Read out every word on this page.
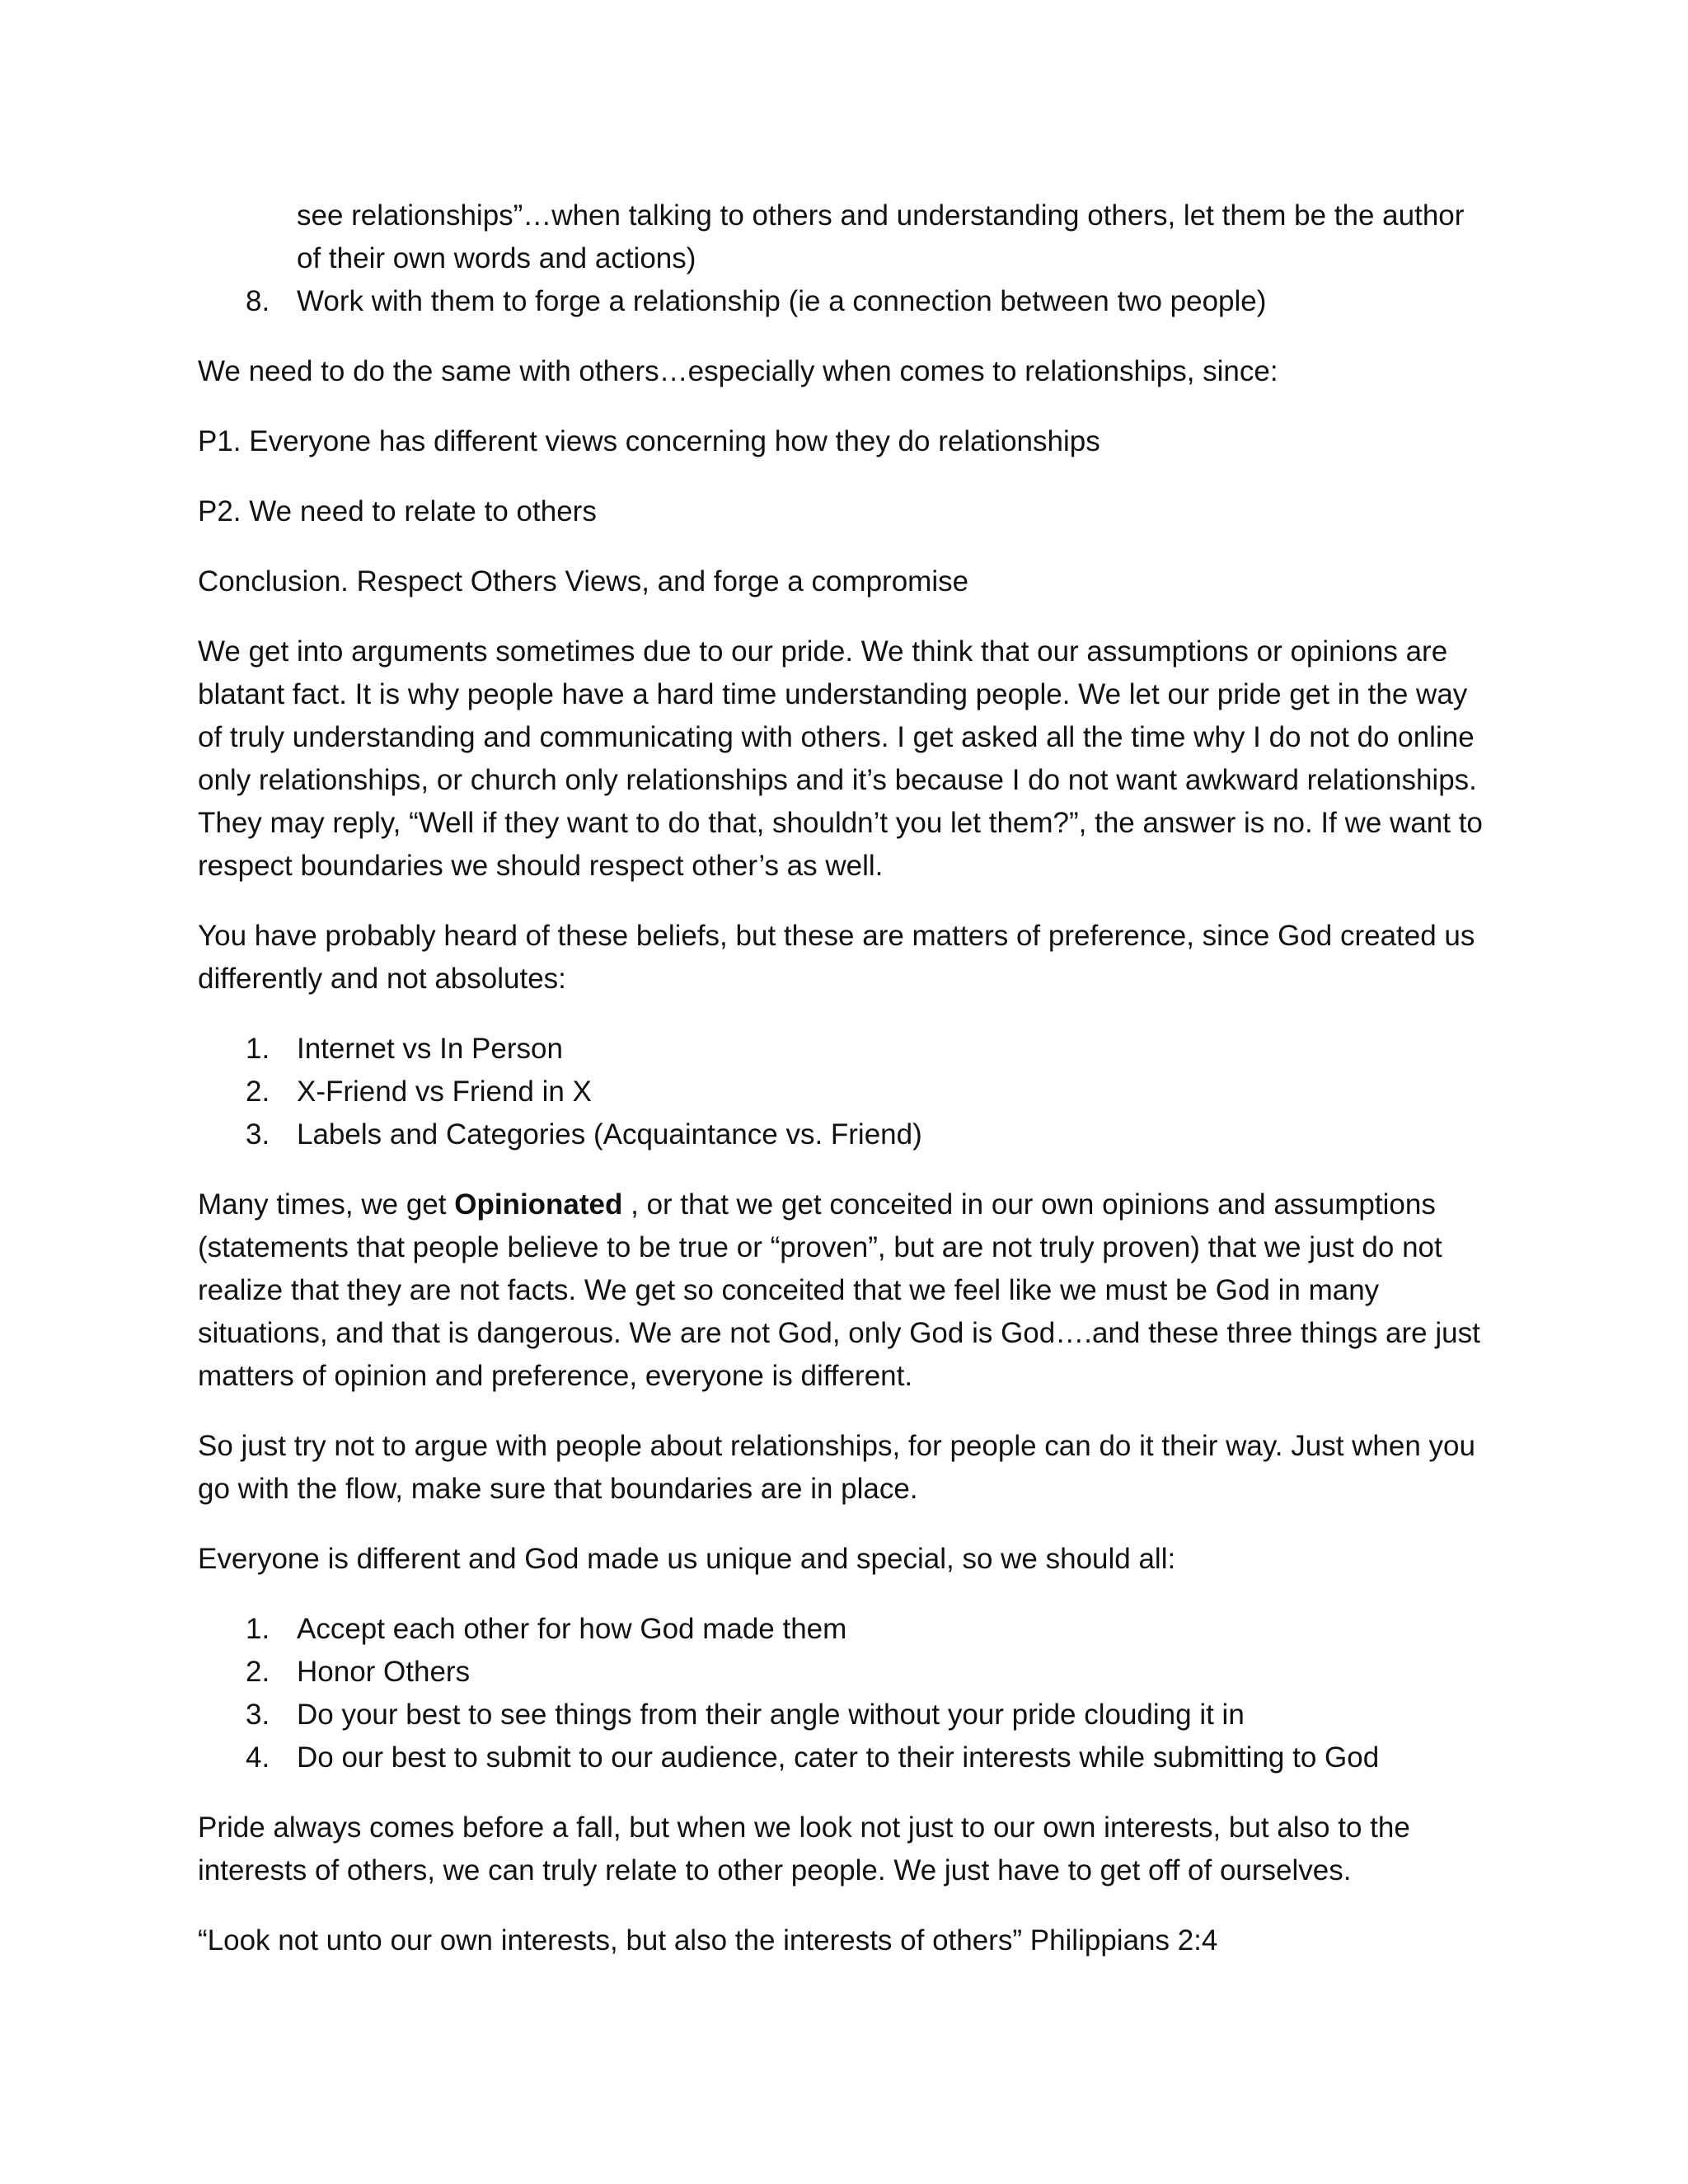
see relationships”…when talking to others and understanding others, let them be the author of their own words and actions)

8. Work with them to forge a relationship (ie a connection between two people)

We need to do the same with others…especially when comes to relationships, since:

P1. Everyone has different views concerning how they do relationships

P2. We need to relate to others

Conclusion. Respect Others Views, and forge a compromise

We get into arguments sometimes due to our pride. We think that our assumptions or opinions are blatant fact. It is why people have a hard time understanding people. We let our pride get in the way of truly understanding and communicating with others. I get asked all the time why I do not do online only relationships, or church only relationships and it’s because I do not want awkward relationships. They may reply, “Well if they want to do that, shouldn’t you let them?”, the answer is no. If we want to respect boundaries we should respect other’s as well.

You have probably heard of these beliefs, but these are matters of preference, since God created us differently and not absolutes:

1. Internet vs In Person
2. X-Friend vs Friend in X
3. Labels and Categories (Acquaintance vs. Friend)

Many times, we get Opinionated , or that we get conceited in our own opinions and assumptions (statements that people believe to be true or “proven”, but are not truly proven) that we just do not realize that they are not facts. We get so conceited that we feel like we must be God in many situations, and that is dangerous. We are not God, only God is God….and these three things are just matters of opinion and preference, everyone is different.

So just try not to argue with people about relationships, for people can do it their way. Just when you go with the flow, make sure that boundaries are in place.

Everyone is different and God made us unique and special, so we should all:

1. Accept each other for how God made them
2. Honor Others
3. Do your best to see things from their angle without your pride clouding it in
4. Do our best to submit to our audience, cater to their interests while submitting to God

Pride always comes before a fall, but when we look not just to our own interests, but also to the interests of others, we can truly relate to other people. We just have to get off of ourselves.

“Look not unto our own interests, but also the interests of others” Philippians 2:4
